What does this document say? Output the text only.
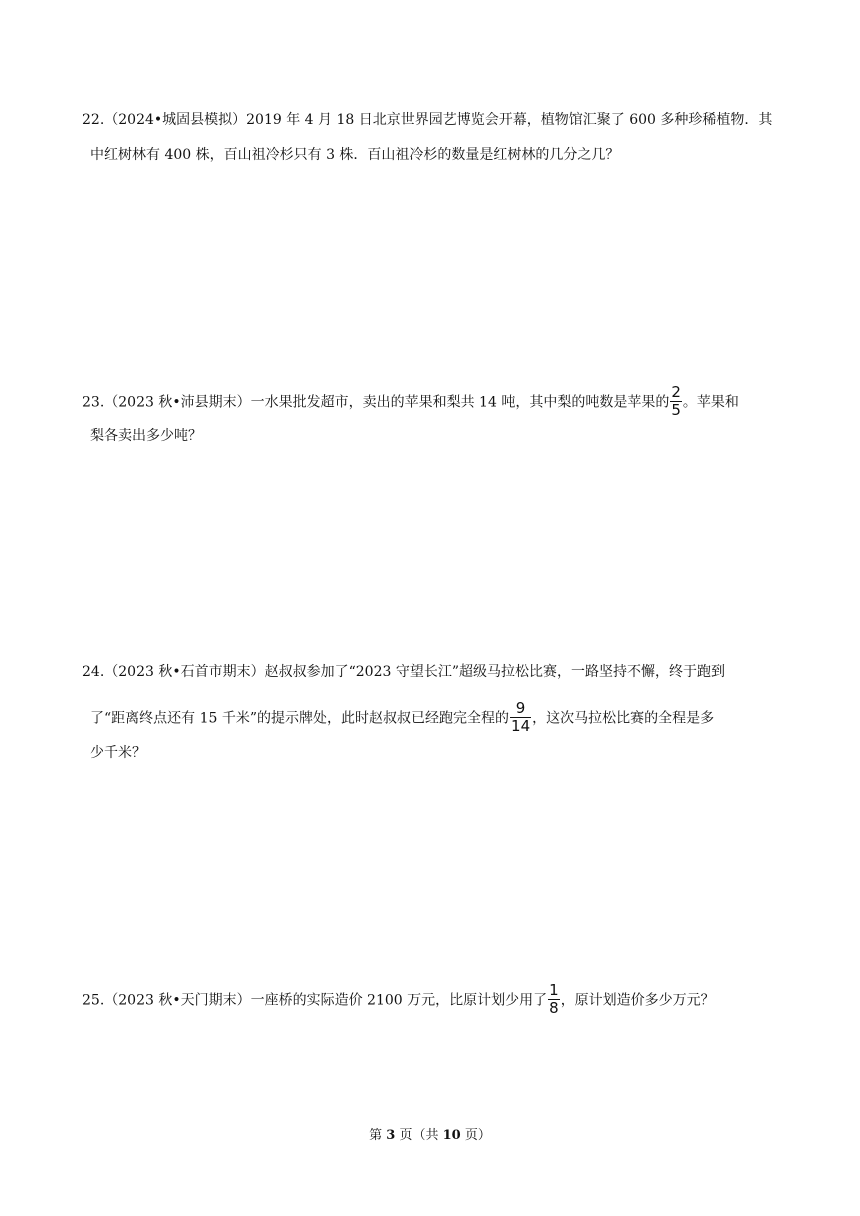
22.（2024•城固县模拟）2019 年 4 月 18 日北京世界园艺博览会开幕，植物馆汇聚了 600 多种珍稀植物．其
中红树林有 400 株，百山祖冷杉只有 3 株．百山祖冷杉的数量是红树林的几分之几？
23.（2023 秋•沛县期末）一水果批发超市，卖出的苹果和梨共 14 吨，其中梨的吨数是苹果的 $\frac{2}{5}$ 。苹果和
梨各卖出多少吨？
24.（2023 秋•石首市期末）赵叔叔参加了“2023 守望长江”超级马拉松比赛，一路坚持不懈，终于跑到
了“距离终点还有 15 千米”的提示牌处，此时赵叔叔已经跑完全程的 $\frac{9}{14}$ ，这次马拉松比赛的全程是多
少千米？
25.（2023 秋•天门期末）一座桥的实际造价 2100 万元，比原计划少用了 $\frac{1}{8}$ ，原计划造价多少万元？
第 3 页（共 10 页）
